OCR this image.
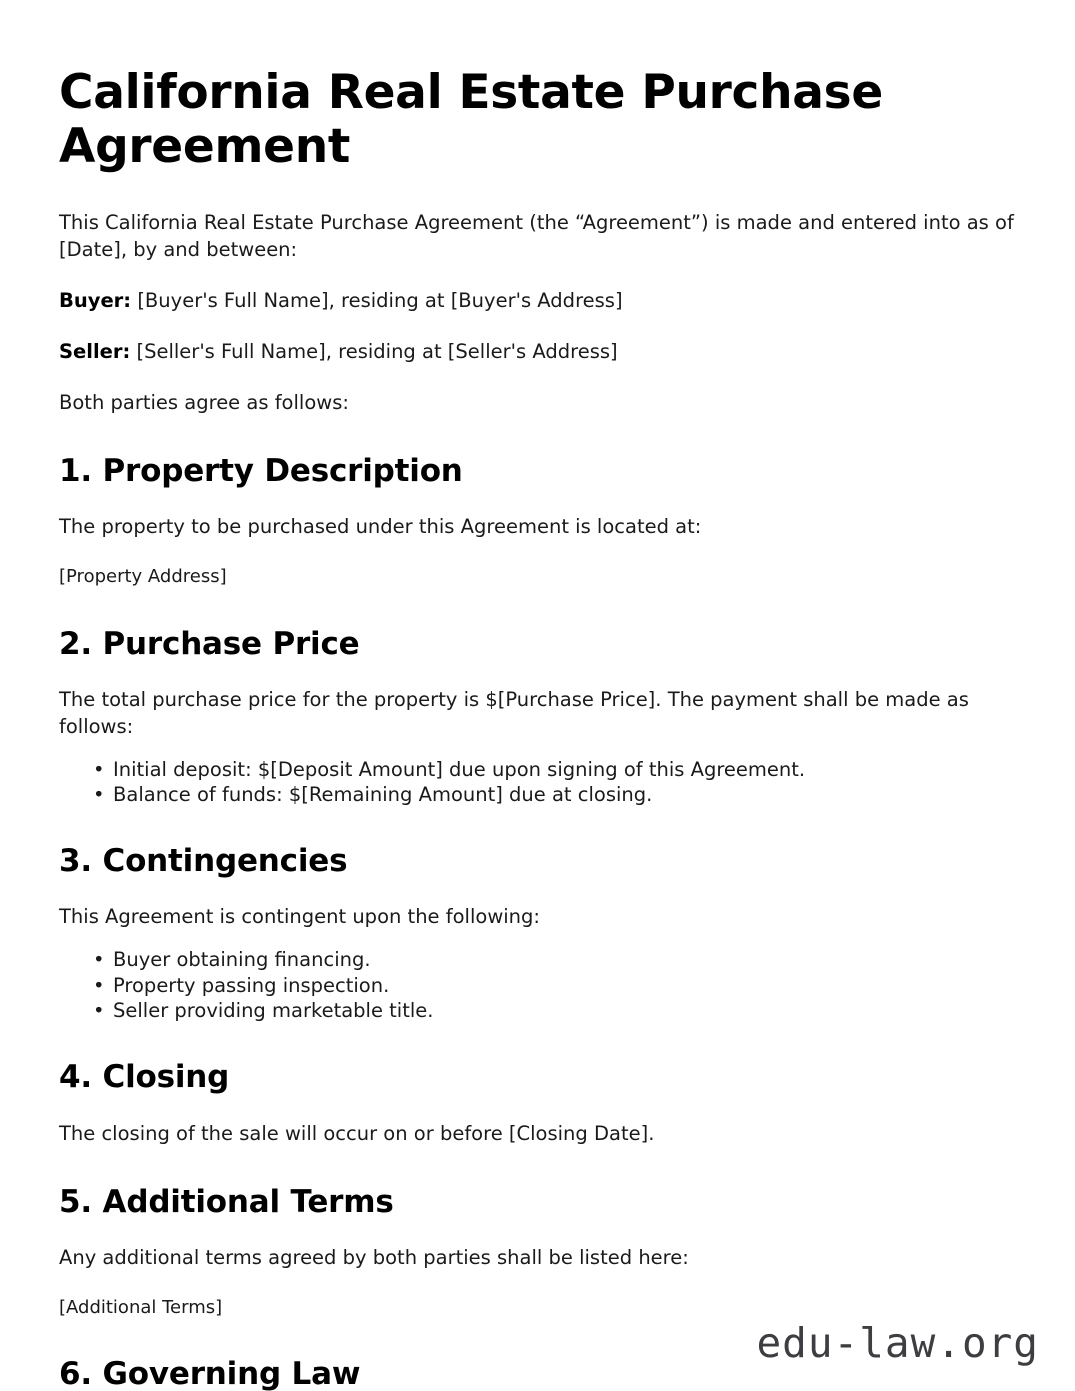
California Real Estate Purchase Agreement

This California Real Estate Purchase Agreement (the “Agreement”) is made and entered into as of [Date], by and between:

Buyer: [Buyer's Full Name], residing at [Buyer's Address]

Seller: [Seller's Full Name], residing at [Seller's Address]

Both parties agree as follows:

1. Property Description

The property to be purchased under this Agreement is located at:

[Property Address]

2. Purchase Price

The total purchase price for the property is $[Purchase Price]. The payment shall be made as follows:

• Initial deposit: $[Deposit Amount] due upon signing of this Agreement.
• Balance of funds: $[Remaining Amount] due at closing.
3. Contingencies

This Agreement is contingent upon the following:

• Buyer obtaining financing.
• Property passing inspection.
• Seller providing marketable title.
4. Closing

The closing of the sale will occur on or before [Closing Date].

5. Additional Terms

Any additional terms agreed by both parties shall be listed here:

[Additional Terms]

6. Governing Law
edu-law.org
